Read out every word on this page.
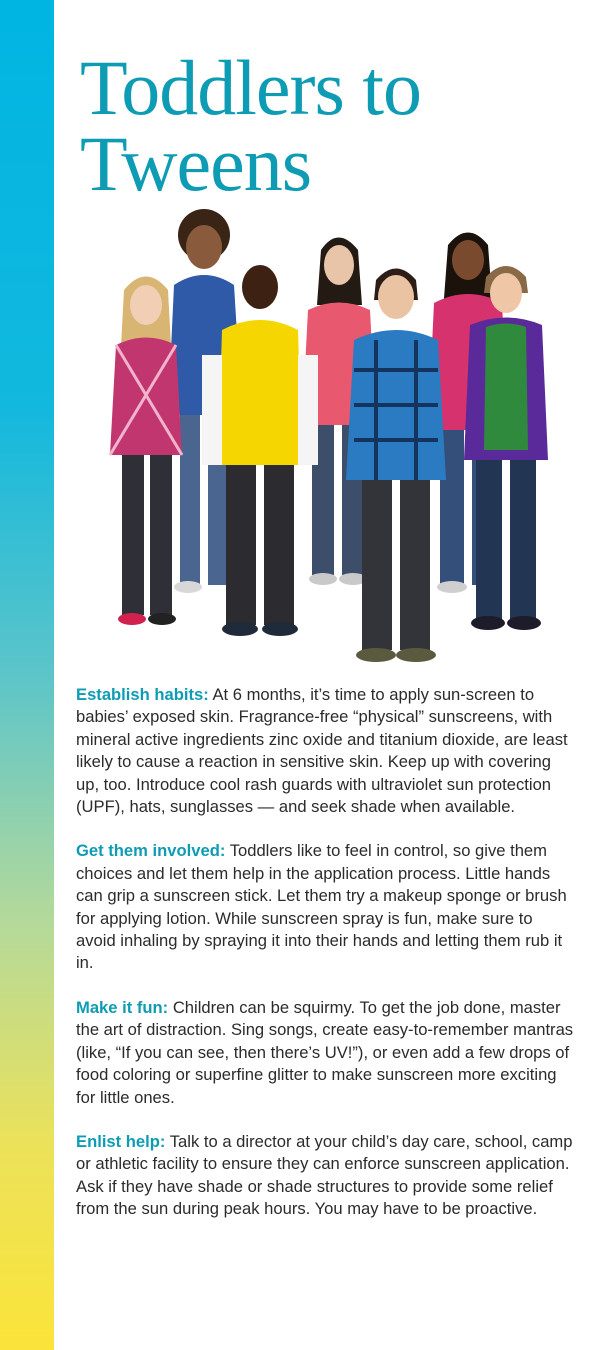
Toddlers to
Tweens

Establish habits: At 6 months, it’s time to apply sun-screen to babies’ exposed skin. Fragrance-free “physical” sunscreens, with mineral active ingredients zinc oxide and titanium dioxide, are least likely to cause a reaction in sensitive skin. Keep up with covering up, too. Introduce cool rash guards with ultraviolet sun protection (UPF), hats, sunglasses — and seek shade when available.

Get them involved: Toddlers like to feel in control, so give them choices and let them help in the application process. Little hands can grip a sunscreen stick. Let them try a makeup sponge or brush for applying lotion. While sunscreen spray is fun, make sure to avoid inhaling by spraying it into their hands and letting them rub it in.

Make it fun: Children can be squirmy. To get the job done, master the art of distraction. Sing songs, create easy-to-remember mantras (like, “If you can see, then there’s UV!”), or even add a few drops of food coloring or superfine glitter to make sunscreen more exciting for little ones.

Enlist help: Talk to a director at your child’s day care, school, camp or athletic facility to ensure they can enforce sunscreen application. Ask if they have shade or shade structures to provide some relief from the sun during peak hours. You may have to be proactive.
